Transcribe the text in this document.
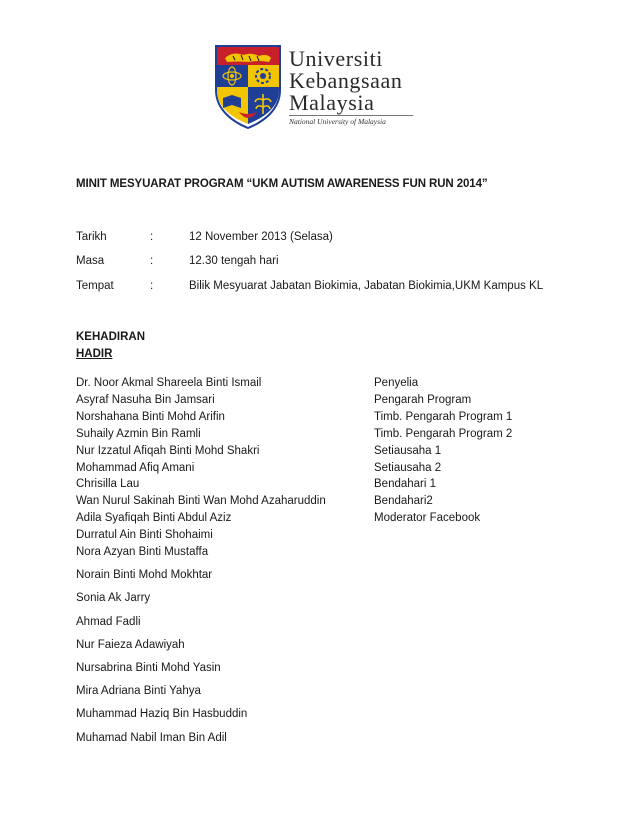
Universiti
Kebangsaan
Malaysia
National University of Malaysia
MINIT MESYUARAT PROGRAM “UKM AUTISM AWARENESS FUN RUN 2014”
Tarikh	:	12 November 2013 (Selasa)
Masa	:	12.30 tengah hari
Tempat	:	Bilik Mesyuarat Jabatan Biokimia, Jabatan Biokimia,UKM Kampus KL
KEHADIRAN
HADIR
Dr. Noor Akmal Shareela Binti Ismail	Penyelia
Asyraf Nasuha Bin Jamsari	Pengarah Program
Norshahana Binti Mohd Arifin	Timb. Pengarah Program 1
Suhaily Azmin Bin Ramli	Timb. Pengarah Program 2
Nur Izzatul Afiqah Binti Mohd Shakri	Setiausaha 1
Mohammad Afiq Amani	Setiausaha 2
Chrisilla Lau	Bendahari 1
Wan Nurul Sakinah Binti Wan Mohd Azaharuddin	Bendahari2
Adila Syafiqah Binti Abdul Aziz	Moderator Facebook
Durratul Ain Binti Shohaimi
Nora Azyan Binti Mustaffa
Norain Binti Mohd Mokhtar
Sonia Ak Jarry
Ahmad Fadli
Nur Faieza Adawiyah
Nursabrina Binti Mohd Yasin
Mira Adriana Binti Yahya
Muhammad Haziq Bin Hasbuddin
Muhamad Nabil Iman Bin Adil
